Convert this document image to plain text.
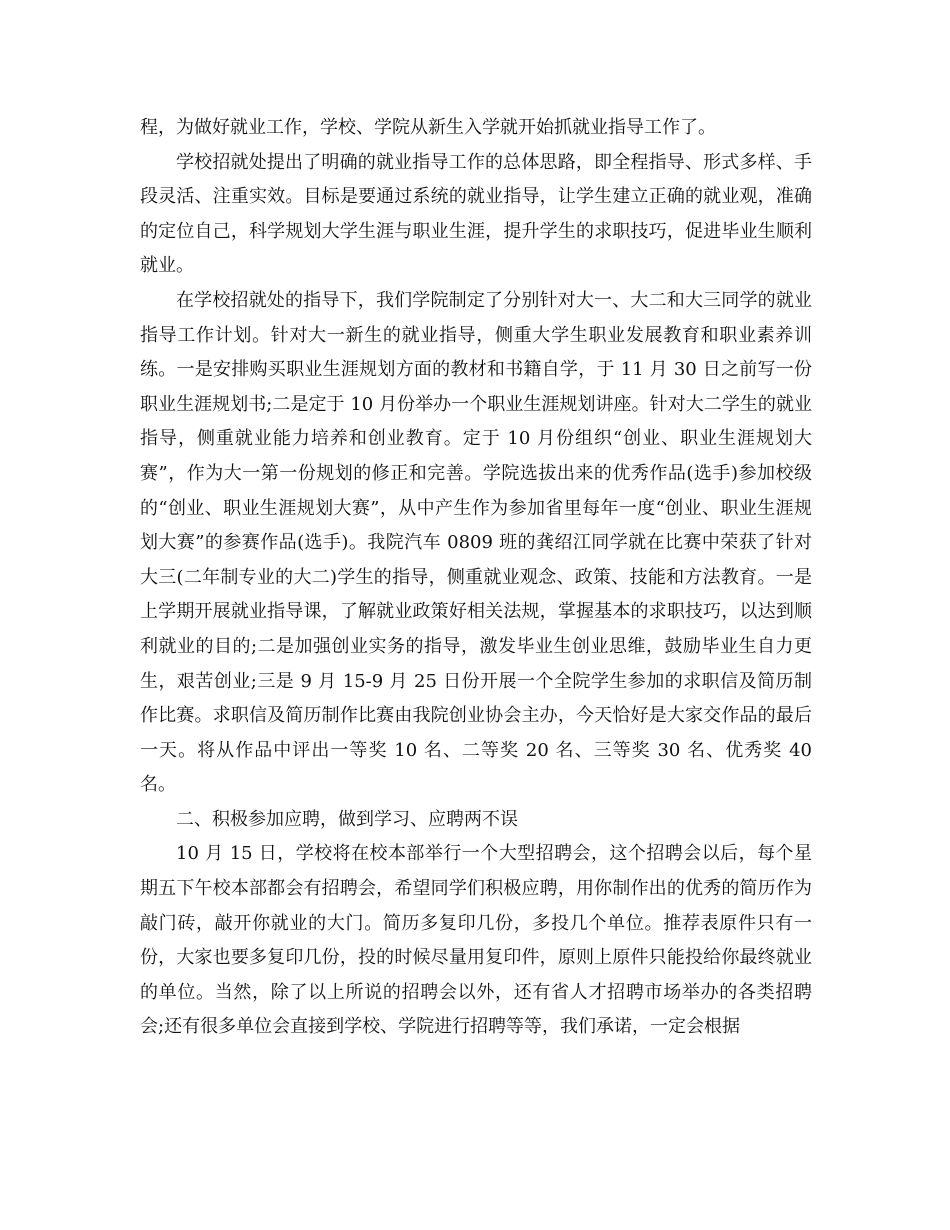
程，为做好就业工作，学校、学院从新生入学就开始抓就业指导工作了。

学校招就处提出了明确的就业指导工作的总体思路，即全程指导、形式多样、手段灵活、注重实效。目标是要通过系统的就业指导，让学生建立正确的就业观，准确的定位自己，科学规划大学生涯与职业生涯，提升学生的求职技巧，促进毕业生顺利就业。

在学校招就处的指导下，我们学院制定了分别针对大一、大二和大三同学的就业指导工作计划。针对大一新生的就业指导，侧重大学生职业发展教育和职业素养训练。一是安排购买职业生涯规划方面的教材和书籍自学，于 11 月 30 日之前写一份职业生涯规划书;二是定于 10 月份举办一个职业生涯规划讲座。针对大二学生的就业指导，侧重就业能力培养和创业教育。定于 10 月份组织“创业、职业生涯规划大赛”，作为大一第一份规划的修正和完善。学院选拔出来的优秀作品(选手)参加校级的“创业、职业生涯规划大赛”，从中产生作为参加省里每年一度“创业、职业生涯规划大赛”的参赛作品(选手)。我院汽车 0809 班的龚绍江同学就在比赛中荣获了针对大三(二年制专业的大二)学生的指导，侧重就业观念、政策、技能和方法教育。一是上学期开展就业指导课，了解就业政策好相关法规，掌握基本的求职技巧，以达到顺利就业的目的;二是加强创业实务的指导，激发毕业生创业思维，鼓励毕业生自力更生，艰苦创业;三是 9 月 15-9 月 25 日份开展一个全院学生参加的求职信及简历制作比赛。求职信及简历制作比赛由我院创业协会主办，今天恰好是大家交作品的最后一天。将从作品中评出一等奖 10 名、二等奖 20 名、三等奖 30 名、优秀奖 40 名。

二、积极参加应聘，做到学习、应聘两不误

10 月 15 日，学校将在校本部举行一个大型招聘会，这个招聘会以后，每个星期五下午校本部都会有招聘会，希望同学们积极应聘，用你制作出的优秀的简历作为敲门砖，敲开你就业的大门。简历多复印几份，多投几个单位。推荐表原件只有一份，大家也要多复印几份，投的时候尽量用复印件，原则上原件只能投给你最终就业的单位。当然，除了以上所说的招聘会以外，还有省人才招聘市场举办的各类招聘会;还有很多单位会直接到学校、学院进行招聘等等，我们承诺，一定会根据
